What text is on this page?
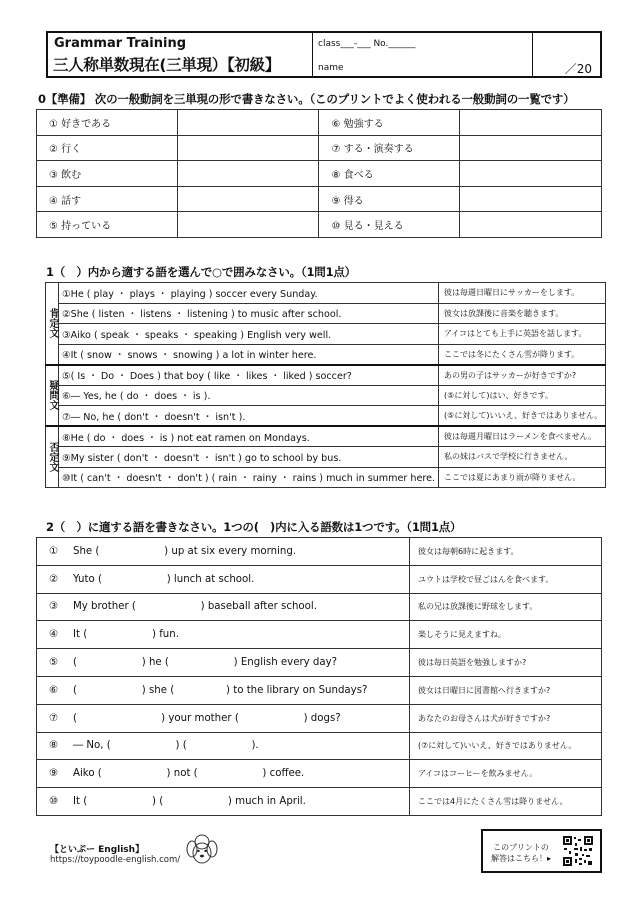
Grammar Training
三人称単数現在(三単現）【初級】
class___-___ No.______
name	／20
0【準備】 次の一般動詞を三単現の形で書きなさい。（このプリントでよく使われる一般動詞の一覧です）
① 好きである		⑥ 勉強する	
② 行く		⑦ する・演奏する	
③ 飲む		⑧ 食べる	
④ 話す		⑨ 得る	
⑤ 持っている		⑩ 見る・見える	
1（　）内から適する語を選んで○で囲みなさい。（1問1点）
肯定文	①He ( play ・ plays ・ playing ) soccer every Sunday.	彼は毎週日曜日にサッカーをします。
	②She ( listen ・ listens ・ listening ) to music after school.	彼女は放課後に音楽を聴きます。
	③Aiko ( speak ・ speaks ・ speaking ) English very well.	アイコはとても上手に英語を話します。
	④It ( snow ・ snows ・ snowing ) a lot in winter here.	ここでは冬にたくさん雪が降ります。
疑問文	⑤( Is ・ Do ・ Does ) that boy ( like ・ likes ・ liked ) soccer?	あの男の子はサッカーが好きですか?
	⑥― Yes, he ( do ・ does ・ is ).	(⑤に対して)はい、好きです。
	⑦― No, he ( don't ・ doesn't ・ isn't ).	(⑤に対して)いいえ、好きではありません。
否定文	⑧He ( do ・ does ・ is ) not eat ramen on Mondays.	彼は毎週月曜日はラーメンを食べません。
	⑨My sister ( don't ・ doesn't ・ isn't ) go to school by bus.	私の妹はバスで学校に行きません。
	⑩It ( can't ・ doesn't ・ don't ) ( rain ・ rainy ・ rains ) much in summer here.	ここでは夏にあまり雨が降りません。
2（　）に適する語を書きなさい。1つの(　)内に入る語数は1つです。（1問1点）
① She (                    ) up at six every morning.	彼女は毎朝6時に起きます。
② Yuto (                    ) lunch at school.	ユウトは学校で昼ごはんを食べます。
③ My brother (                    ) baseball after school.	私の兄は放課後に野球をします。
④ It (                    ) fun.	楽しそうに見えますね。
⑤ (                    ) he (                    ) English every day?	彼は毎日英語を勉強しますか?
⑥ (                    ) she (                ) to the library on Sundays?	彼女は日曜日に図書館へ行きますか?
⑦ (                          ) your mother (                    ) dogs?	あなたのお母さんは犬が好きですか?
⑧ ― No, (                    ) (                    ).	(⑦に対して)いいえ、好きではありません。
⑨ Aiko (                    ) not (                    ) coffee.	アイコはコーヒーを飲みません。
⑩ It (                    ) (                    ) much in April.	ここでは4月にたくさん雪は降りません。
【といぷー English】
https://toypoodle-english.com/
このプリントの
解答はこちら！▸
